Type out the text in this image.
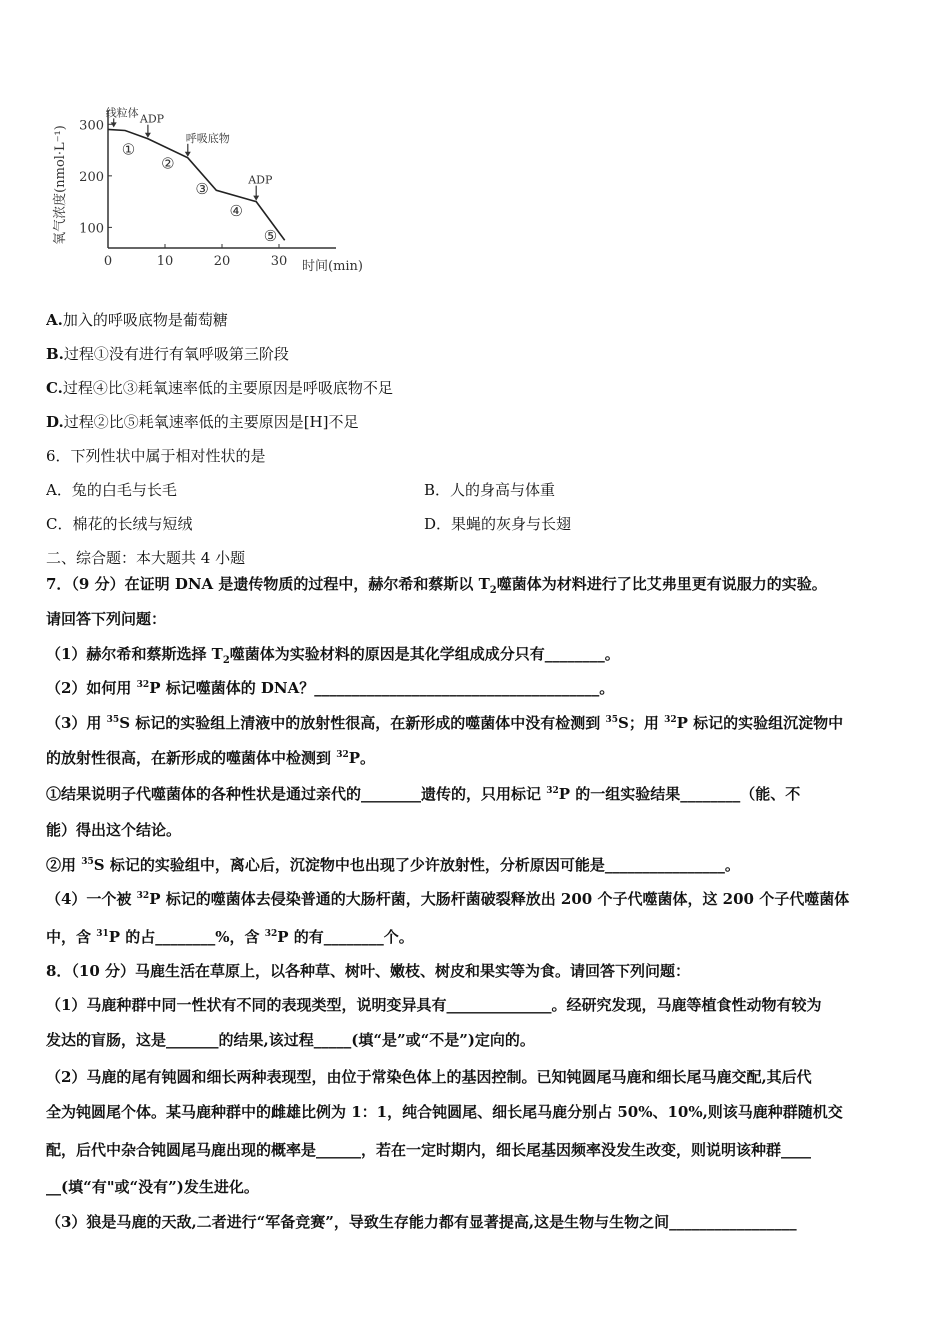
0	10	20	30
100
200
300
线粒体 ADP
呼吸底物
ADP
①
②
③
④
⑤
氧气浓度(nmol·L⁻¹)
时间(min)
A.加入的呼吸底物是葡萄糖
B.过程①没有进行有氧呼吸第三阶段
C.过程④比③耗氧速率低的主要原因是呼吸底物不足
D.过程②比⑤耗氧速率低的主要原因是[H]不足
6．下列性状中属于相对性状的是
A．兔的白毛与长毛	B．人的身高与体重
C．棉花的长绒与短绒	D．果蝇的灰身与长翅
二、综合题：本大题共 4 小题
7．（9 分）在证明 DNA 是遗传物质的过程中，赫尔希和蔡斯以 $T_2$噬菌体为材料进行了比艾弗里更有说服力的实验。
请回答下列问题：
（1）赫尔希和蔡斯选择 $T_2$噬菌体为实验材料的原因是其化学组成成分只有________。
（2）如何用 $^{32}$P 标记噬菌体的 DNA？______________________________________。
（3）用 $^{35}$S 标记的实验组上清液中的放射性很高，在新形成的噬菌体中没有检测到 $^{35}$S；用 $^{32}$P 标记的实验组沉淀物中
的放射性很高，在新形成的噬菌体中检测到 $^{32}$P。
①结果说明子代噬菌体的各种性状是通过亲代的________遗传的，只用标记 $^{32}$P 的一组实验结果________（能、不
能）得出这个结论。
②用 $^{35}$S 标记的实验组中，离心后，沉淀物中也出现了少许放射性，分析原因可能是________________。
（4）一个被 $^{32}$P 标记的噬菌体去侵染普通的大肠杆菌，大肠杆菌破裂释放出 200 个子代噬菌体，这 200 个子代噬菌体
中，含 $^{31}$P 的占________%，含 $^{32}$P 的有________个。
8．（10 分）马鹿生活在草原上，以各种草、树叶、嫩枝、树皮和果实等为食。请回答下列问题：
（1）马鹿种群中同一性状有不同的表现类型，说明变异具有______________。经研究发现，马鹿等植食性动物有较为
发达的盲肠，这是_______的结果,该过程_____(填“是”或“不是”)定向的。
（2）马鹿的尾有钝圆和细长两种表现型，由位于常染色体上的基因控制。已知钝圆尾马鹿和细长尾马鹿交配,其后代
全为钝圆尾个体。某马鹿种群中的雌雄比例为 1：1，纯合钝圆尾、细长尾马鹿分别占 50%、10%,则该马鹿种群随机交
配，后代中杂合钝圆尾马鹿出现的概率是______，若在一定时期内，细长尾基因频率没发生改变，则说明该种群____
__(填“有"或“没有”)发生进化。
（3）狼是马鹿的天敌,二者进行“军备竞赛”，导致生存能力都有显著提高,这是生物与生物之间_________________
